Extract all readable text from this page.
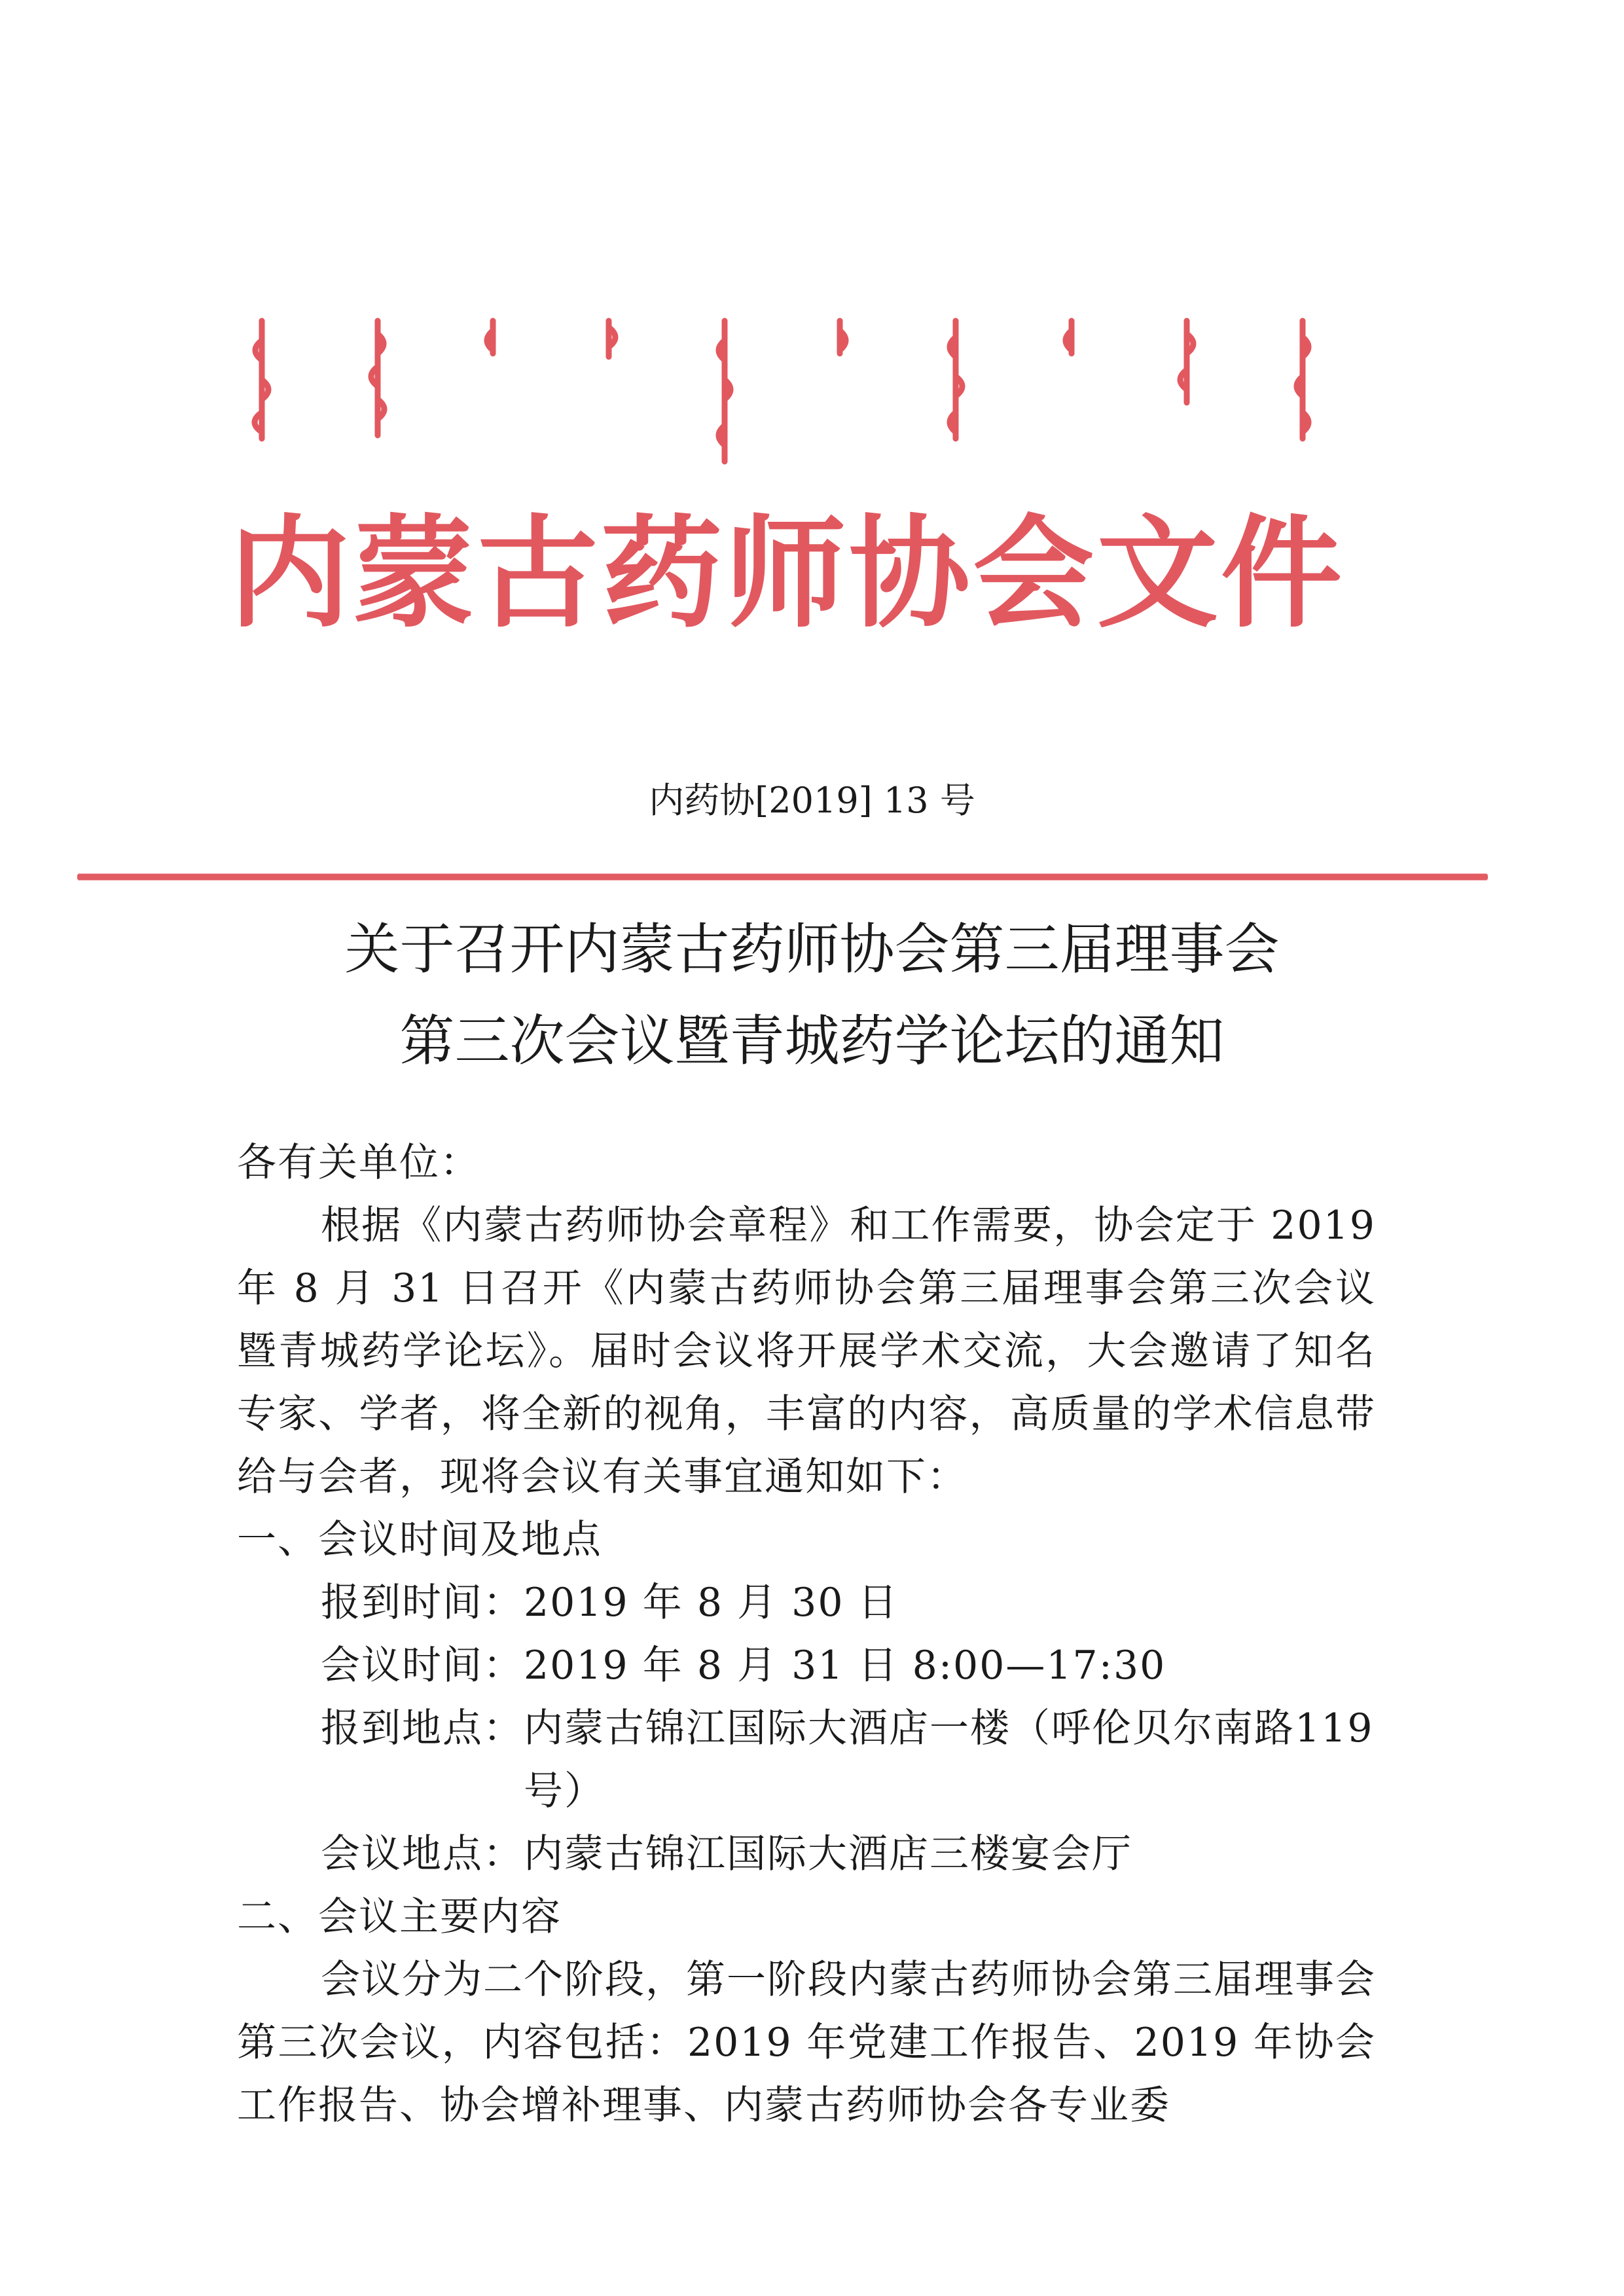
内 蒙 古 药 师 协 会 文 件
内药协[2019] 13 号
关于召开内蒙古药师协会第三届理事会
第三次会议暨青城药学论坛的通知

各有关单位：

根据《内蒙古药师协会章程》和工作需要，协会定于 2019 年 8 月 31 日召开《内蒙古药师协会第三届理事会第三次会议暨青城药学论坛》。届时会议将开展学术交流，大会邀请了知名专家、学者，将全新的视角，丰富的内容，高质量的学术信息带给与会者，现将会议有关事宜通知如下：

一、会议时间及地点

报到时间： 2019 年 8 月 30 日
会议时间： 2019 年 8 月 31 日 8:00—17:30
报到地点： 内蒙古锦江国际大酒店一楼（呼伦贝尔南路119 号）
会议地点： 内蒙古锦江国际大酒店三楼宴会厅

二、会议主要内容

会议分为二个阶段，第一阶段内蒙古药师协会第三届理事会第三次会议，内容包括：2019 年党建工作报告、2019 年协会工作报告、协会增补理事、内蒙古药师协会各专业委
